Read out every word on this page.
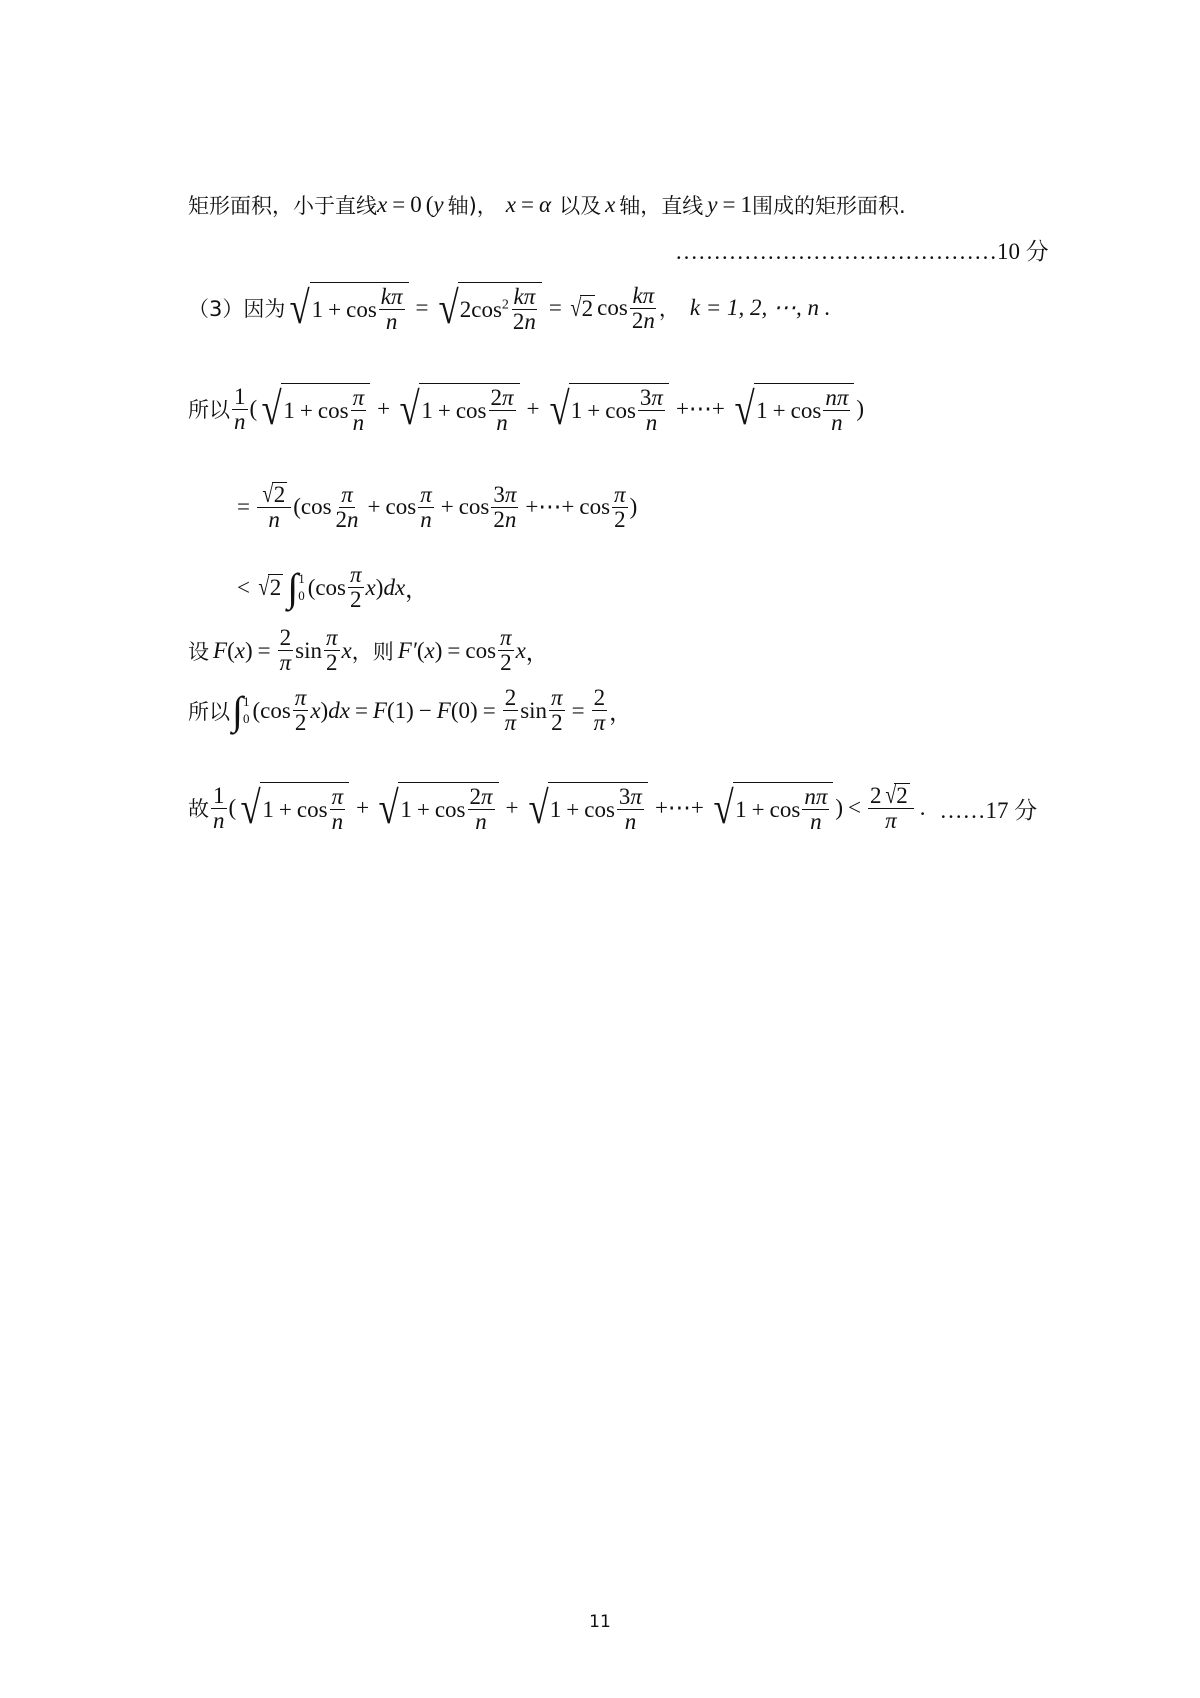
矩形面积，小于直线 x = 0 ( y 轴)， x = α 以及 x 轴，直线 y = 1 围成的矩形面积.
……………………………………10 分
（3）因为 √ $1 + \cos \frac{k\pi}{n}$ = √ $2\cos^2 \frac{k\pi}{2n}$ = √ 2 $\cos \frac{k\pi}{2n}$ ， k = 1, 2, ⋯, n .
所以 $\frac{1}{n}$ ( √ $1 + \cos \frac{\pi}{n}$ + √ $1 + \cos \frac{2\pi}{n}$ + √ $1 + \cos \frac{3\pi}{n}$ +⋯+ √ $1 + \cos \frac{n\pi}{n}$ )
= $\frac{√ 2}{n} (\cos \frac{\pi}{2n} + \cos \frac{\pi}{n} + \cos \frac{3\pi}{2n}$ +⋯+ $\cos \frac{\pi}{2}$ )
< √ 2 ∫ 1
0 ($\cos \frac{\pi}{2}$ x ) dx ，
设 F ( x ) = $\frac{2}{\pi}$ $\sin \frac{\pi}{2}$ x ，则 F′ ( x ) = $\cos \frac{\pi}{2}$ x ，
所以 ∫ 1
0 ($\cos \frac{\pi}{2}$ x ) dx = F (1) − F $(0) = \frac{2}{\pi}$ $\sin \frac{\pi}{2} = \frac{2}{\pi}$ ，
故 $\frac{1}{n}$ ( √ $1 + \cos \frac{\pi}{n}$ + √ $1 + \cos \frac{2\pi}{n}$ + √ $1 + \cos \frac{3\pi}{n}$ +⋯+ √ $1 + \cos \frac{n\pi}{n}$ ) < $\frac{2 √ 2}{\pi}$ . ……17 分
11
